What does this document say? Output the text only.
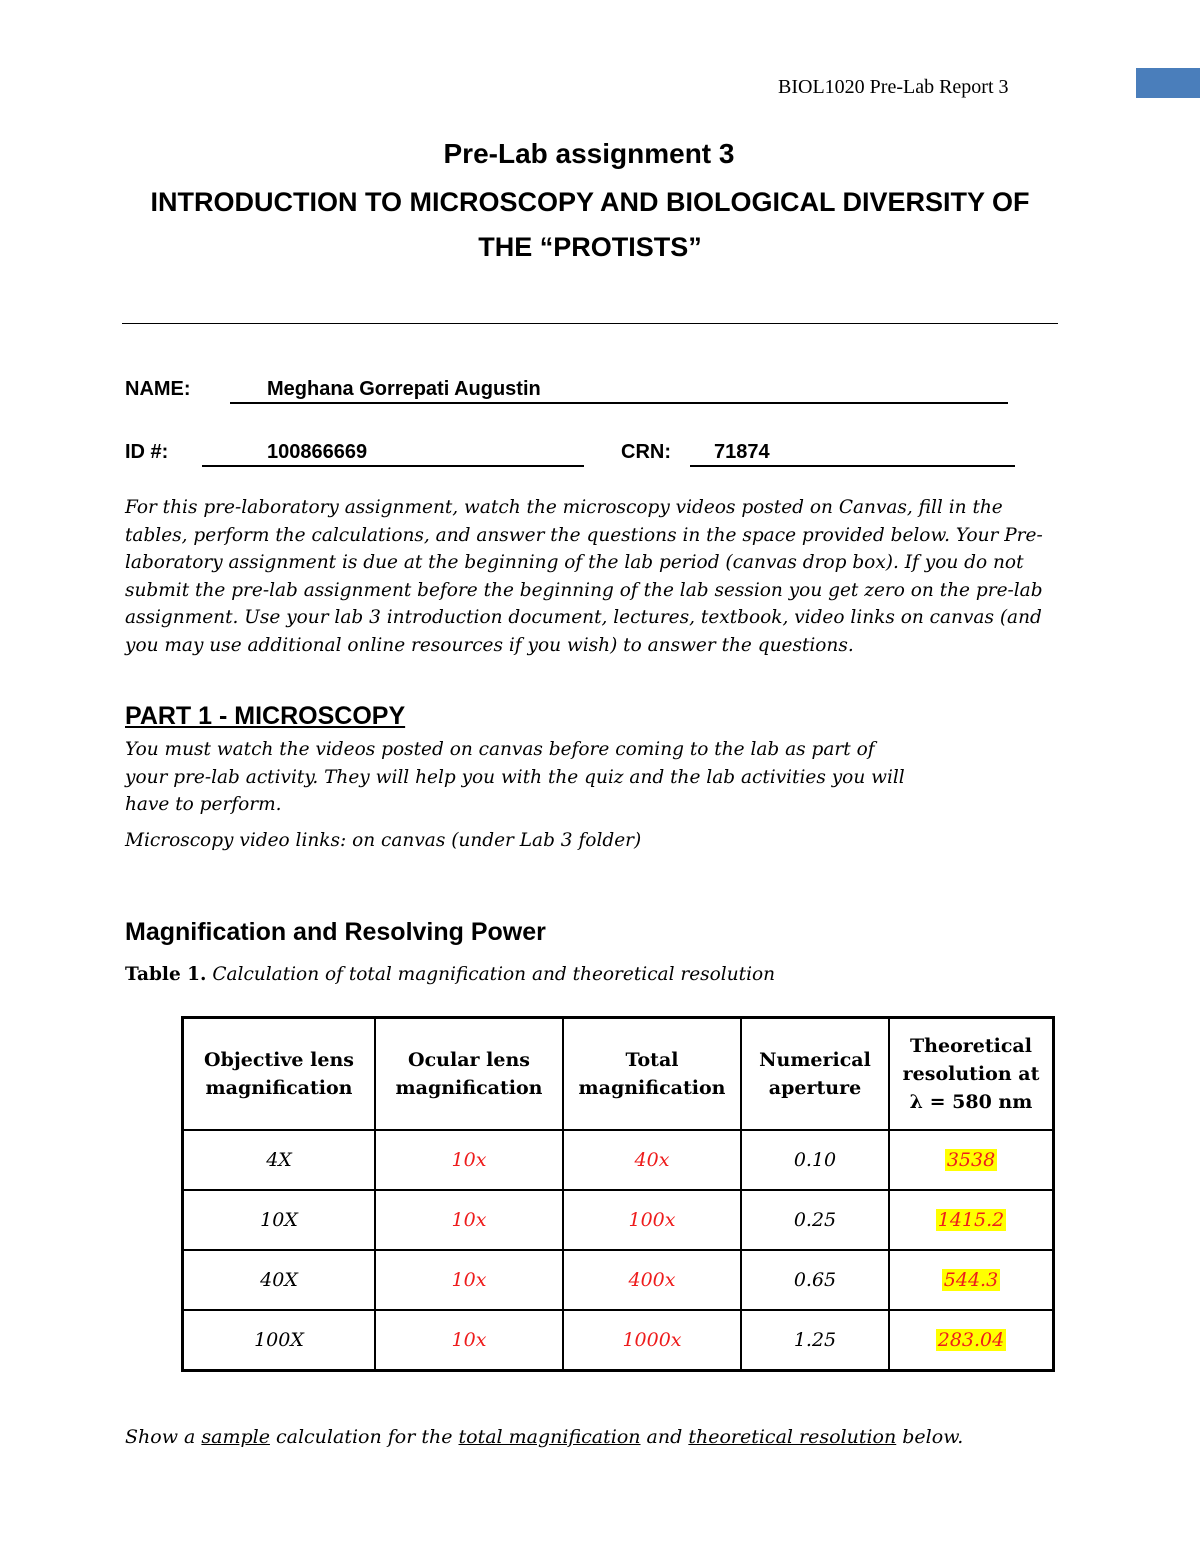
BIOL1020 Pre-Lab Report 3
Pre-Lab assignment 3
INTRODUCTION TO MICROSCOPY AND BIOLOGICAL DIVERSITY OF THE “PROTISTS”
NAME:	Meghana Gorrepati Augustin
ID #:	100866669	CRN:	71874
For this pre-laboratory assignment, watch the microscopy videos posted on Canvas, fill in the tables, perform the calculations, and answer the questions in the space provided below. Your Pre-laboratory assignment is due at the beginning of the lab period (canvas drop box). If you do not submit the pre-lab assignment before the beginning of the lab session you get zero on the pre-lab assignment. Use your lab 3 introduction document, lectures, textbook, video links on canvas (and you may use additional online resources if you wish) to answer the questions.
PART 1 - MICROSCOPY
You must watch the videos posted on canvas before coming to the lab as part of your pre-lab activity. They will help you with the quiz and the lab activities you will have to perform.
Microscopy video links: on canvas (under Lab 3 folder)
Magnification and Resolving Power
Table 1. Calculation of total magnification and theoretical resolution
Objective lens magnification	Ocular lens magnification	Total magnification	Numerical aperture	Theoretical resolution at λ = 580 nm
4X	10x	40x	0.10	3538
10X	10x	100x	0.25	1415.2
40X	10x	400x	0.65	544.3
100X	10x	1000x	1.25	283.04
Show a sample calculation for the total magnification and theoretical resolution below.
